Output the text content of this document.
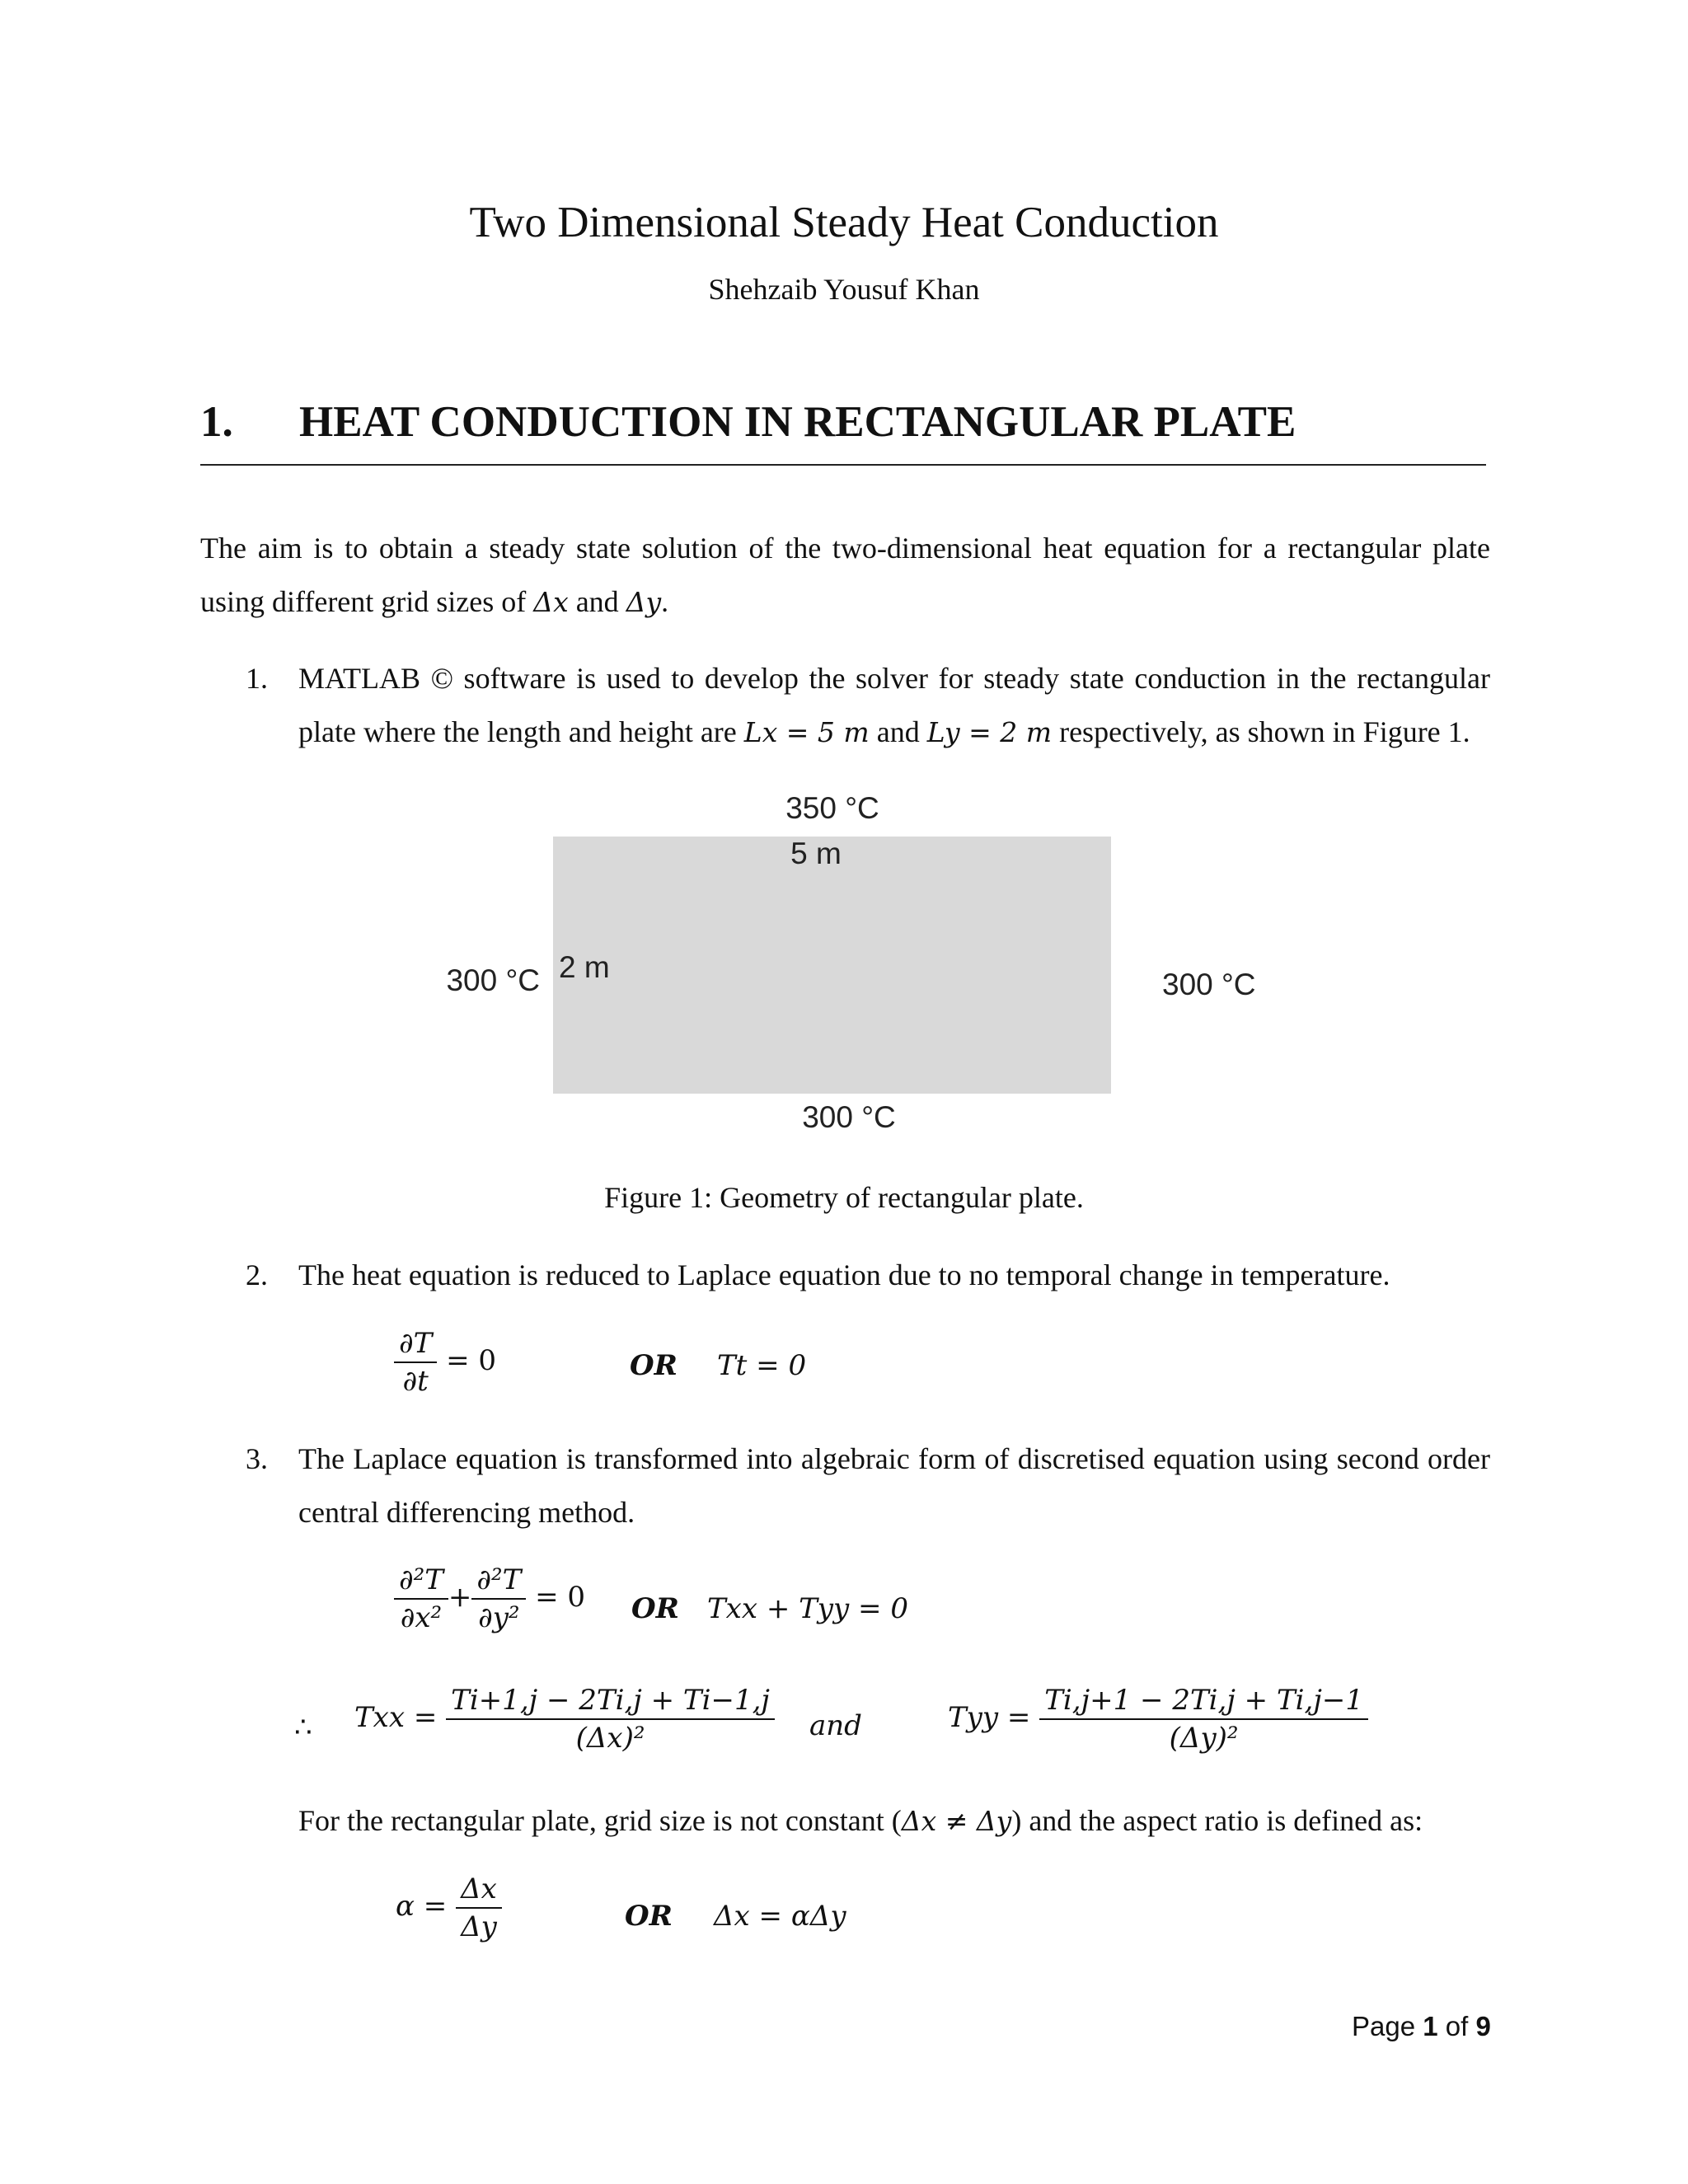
Two Dimensional Steady Heat Conduction
Shehzaib Yousuf Khan
1. HEAT CONDUCTION IN RECTANGULAR PLATE
The aim is to obtain a steady state solution of the two-dimensional heat equation for a rectangular plate
using different grid sizes of Δx and Δy.
1. MATLAB © software is used to develop the solver for steady state conduction in the rectangular
plate where the length and height are Lx = 5 m and Ly = 2 m respectively, as shown in Figure 1.
350 °C
5 m
300 °C 2 m
300 °C
300 °C
Figure 1: Geometry of rectangular plate.
2. The heat equation is reduced to Laplace equation due to no temporal change in temperature.
$\frac{\partial T}{\partial t} = 0$	OR Tt = 0
3. The Laplace equation is transformed into algebraic form of discretised equation using second order
central differencing method.
$\frac{\text{∂²T}}{\text{∂x²}} + \frac{\text{∂²T}}{\text{∂y²}} = 0$ OR Txx + Tyy = 0
∴ Txx = $\frac{Ti+1,j - 2Ti,j + Ti-1,j}{\text{(Δx)²}}$ and	Tyy = $\frac{Ti,j+1 - 2Ti,j + Ti,j-1}{\text{(Δy)²}}$
For the rectangular plate, grid size is not constant (Δx ≠ Δy) and the aspect ratio is defined as:
$\alpha = \frac{\Delta x}{\Delta y}$	OR Δx = αΔy
Page 1 of 9
